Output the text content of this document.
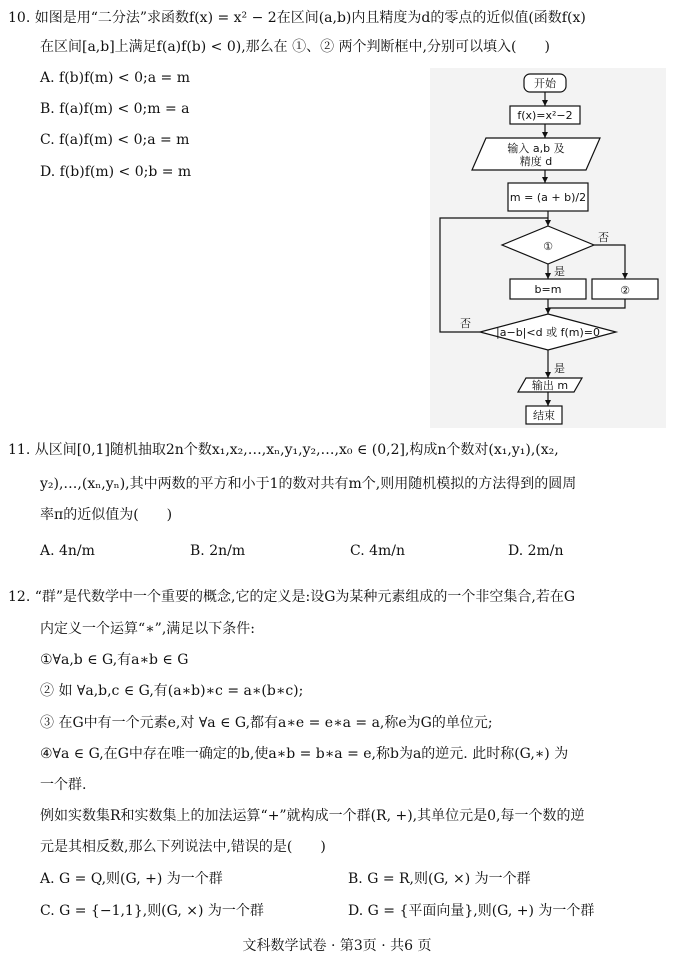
10. 如图是用“二分法”求函数f(x) = x² − 2在区间(a,b)内且精度为d的零点的近似值(函数f(x)
在区间[a,b]上满足f(a)f(b) < 0),那么在 ①、② 两个判断框中,分别可以填入(　　)
A. f(b)f(m) < 0;a = m
B. f(a)f(m) < 0;m = a
C. f(a)f(m) < 0;a = m
D. f(b)f(m) < 0;b = m
开始
f(x)=x²−2
输入 a,b 及
精度 d
m = (a + b)/2
①
是
否
b=m	②
|a−b|<d 或 f(m)=0
否
是
输出 m
结束
11. 从区间[0,1]随机抽取2n个数x₁,x₂,…,xₙ,y₁,y₂,…,x₀ ∈ (0,2],构成n个数对(x₁,y₁),(x₂,
y₂),…,(xₙ,yₙ),其中两数的平方和小于1的数对共有m个,则用随机模拟的方法得到的圆周
率π的近似值为(　　)
A. 4n/m	B. 2n/m	C. 4m/n	D. 2m/n
12. “群”是代数学中一个重要的概念,它的定义是:设G为某种元素组成的一个非空集合,若在G
内定义一个运算“∗”,满足以下条件:
①∀a,b ∈ G,有a∗b ∈ G
② 如 ∀a,b,c ∈ G,有(a∗b)∗c = a∗(b∗c);
③ 在G中有一个元素e,对 ∀a ∈ G,都有a∗e = e∗a = a,称e为G的单位元;
④∀a ∈ G,在G中存在唯一确定的b,使a∗b = b∗a = e,称b为a的逆元. 此时称(G,∗) 为
一个群.
例如实数集R和实数集上的加法运算“+”就构成一个群(R, +),其单位元是0,每一个数的逆
元是其相反数,那么下列说法中,错误的是(　　)
A. G = Q,则(G, +) 为一个群	B. G = R,则(G, ×) 为一个群
C. G = {−1,1},则(G, ×) 为一个群	D. G = {平面向量},则(G, +) 为一个群
文科数学试卷 · 第3页 · 共6 页
